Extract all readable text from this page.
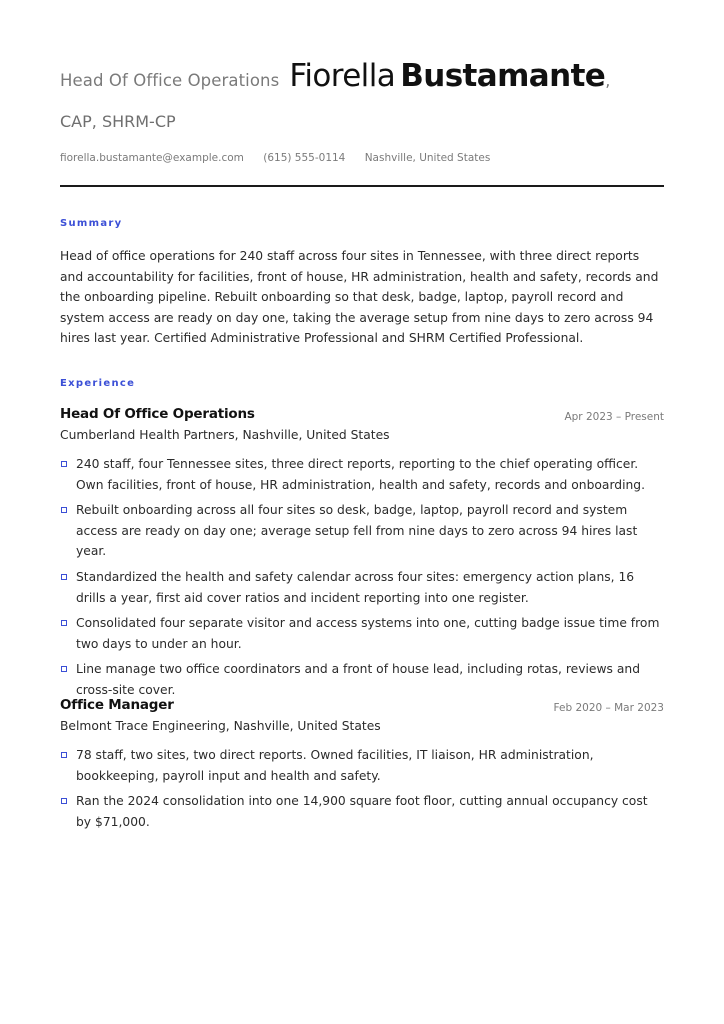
Head Of Office Operations Fiorella Bustamante,
CAP, SHRM-CP
fiorella.bustamante@example.com (615) 555-0114 Nashville, United States
Summary
Head of office operations for 240 staff across four sites in Tennessee, with three direct reports and accountability for facilities, front of house, HR administration, health and safety, records and the onboarding pipeline. Rebuilt onboarding so that desk, badge, laptop, payroll record and system access are ready on day one, taking the average setup from nine days to zero across 94 hires last year. Certified Administrative Professional and SHRM Certified Professional.
Experience
Head Of Office Operations	Apr 2023 – Present
Cumberland Health Partners, Nashville, United States
240 staff, four Tennessee sites, three direct reports, reporting to the chief operating officer. Own facilities, front of house, HR administration, health and safety, records and onboarding.
Rebuilt onboarding across all four sites so desk, badge, laptop, payroll record and system access are ready on day one; average setup fell from nine days to zero across 94 hires last year.
Standardized the health and safety calendar across four sites: emergency action plans, 16 drills a year, first aid cover ratios and incident reporting into one register.
Consolidated four separate visitor and access systems into one, cutting badge issue time from two days to under an hour.
Line manage two office coordinators and a front of house lead, including rotas, reviews and cross-site cover.
Office Manager	Feb 2020 – Mar 2023
Belmont Trace Engineering, Nashville, United States
78 staff, two sites, two direct reports. Owned facilities, IT liaison, HR administration, bookkeeping, payroll input and health and safety.
Ran the 2024 consolidation into one 14,900 square foot floor, cutting annual occupancy cost by $71,000.
